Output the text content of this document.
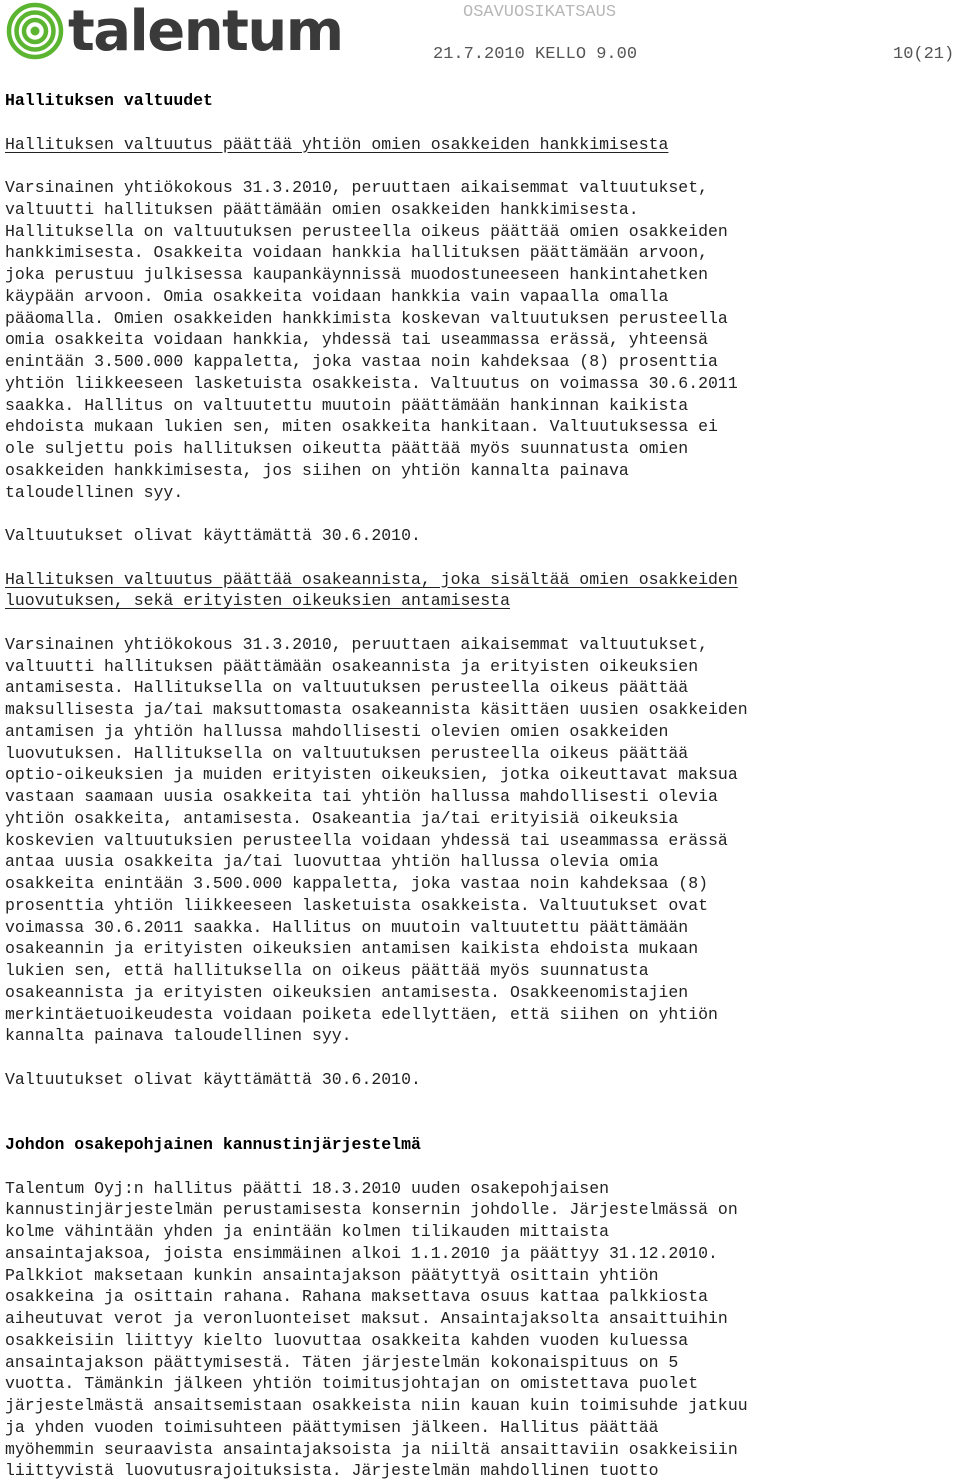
talentum	OSAVUOSIKATSAUS
21.7.2010 KELLO 9.00	10(21)
Hallituksen valtuudet
Hallituksen valtuutus päättää yhtiön omien osakkeiden hankkimisesta
Varsinainen yhtiökokous 31.3.2010, peruuttaen aikaisemmat valtuutukset,
valtuutti hallituksen päättämään omien osakkeiden hankkimisesta.
Hallituksella on valtuutuksen perusteella oikeus päättää omien osakkeiden
hankkimisesta. Osakkeita voidaan hankkia hallituksen päättämään arvoon,
joka perustuu julkisessa kaupankäynnissä muodostuneeseen hankintahetken
käypään arvoon. Omia osakkeita voidaan hankkia vain vapaalla omalla
pääomalla. Omien osakkeiden hankkimista koskevan valtuutuksen perusteella
omia osakkeita voidaan hankkia, yhdessä tai useammassa erässä, yhteensä
enintään 3.500.000 kappaletta, joka vastaa noin kahdeksaa (8) prosenttia
yhtiön liikkeeseen lasketuista osakkeista. Valtuutus on voimassa 30.6.2011
saakka. Hallitus on valtuutettu muutoin päättämään hankinnan kaikista
ehdoista mukaan lukien sen, miten osakkeita hankitaan. Valtuutuksessa ei
ole suljettu pois hallituksen oikeutta päättää myös suunnatusta omien
osakkeiden hankkimisesta, jos siihen on yhtiön kannalta painava
taloudellinen syy.
Valtuutukset olivat käyttämättä 30.6.2010.
Hallituksen valtuutus päättää osakeannista, joka sisältää omien osakkeiden
luovutuksen, sekä erityisten oikeuksien antamisesta
Varsinainen yhtiökokous 31.3.2010, peruuttaen aikaisemmat valtuutukset,
valtuutti hallituksen päättämään osakeannista ja erityisten oikeuksien
antamisesta. Hallituksella on valtuutuksen perusteella oikeus päättää
maksullisesta ja/tai maksuttomasta osakeannista käsittäen uusien osakkeiden
antamisen ja yhtiön hallussa mahdollisesti olevien omien osakkeiden
luovutuksen. Hallituksella on valtuutuksen perusteella oikeus päättää
optio-oikeuksien ja muiden erityisten oikeuksien, jotka oikeuttavat maksua
vastaan saamaan uusia osakkeita tai yhtiön hallussa mahdollisesti olevia
yhtiön osakkeita, antamisesta. Osakeantia ja/tai erityisiä oikeuksia
koskevien valtuutuksien perusteella voidaan yhdessä tai useammassa erässä
antaa uusia osakkeita ja/tai luovuttaa yhtiön hallussa olevia omia
osakkeita enintään 3.500.000 kappaletta, joka vastaa noin kahdeksaa (8)
prosenttia yhtiön liikkeeseen lasketuista osakkeista. Valtuutukset ovat
voimassa 30.6.2011 saakka. Hallitus on muutoin valtuutettu päättämään
osakeannin ja erityisten oikeuksien antamisen kaikista ehdoista mukaan
lukien sen, että hallituksella on oikeus päättää myös suunnatusta
osakeannista ja erityisten oikeuksien antamisesta. Osakkeenomistajien
merkintäetuoikeudesta voidaan poiketa edellyttäen, että siihen on yhtiön
kannalta painava taloudellinen syy.
Valtuutukset olivat käyttämättä 30.6.2010.
Johdon osakepohjainen kannustinjärjestelmä
Talentum Oyj:n hallitus päätti 18.3.2010 uuden osakepohjaisen
kannustinjärjestelmän perustamisesta konsernin johdolle. Järjestelmässä on
kolme vähintään yhden ja enintään kolmen tilikauden mittaista
ansaintajaksoa, joista ensimmäinen alkoi 1.1.2010 ja päättyy 31.12.2010.
Palkkiot maksetaan kunkin ansaintajakson päätyttyä osittain yhtiön
osakkeina ja osittain rahana. Rahana maksettava osuus kattaa palkkiosta
aiheutuvat verot ja veronluonteiset maksut. Ansaintajaksolta ansaittuihin
osakkeisiin liittyy kielto luovuttaa osakkeita kahden vuoden kuluessa
ansaintajakson päättymisestä. Täten järjestelmän kokonaispituus on 5
vuotta. Tämänkin jälkeen yhtiön toimitusjohtajan on omistettava puolet
järjestelmästä ansaitsemistaan osakkeista niin kauan kuin toimisuhde jatkuu
ja yhden vuoden toimisuhteen päättymisen jälkeen. Hallitus päättää
myöhemmin seuraavista ansaintajaksoista ja niiltä ansaittaviin osakkeisiin
liittyvistä luovutusrajoituksista. Järjestelmän mahdollinen tuotto
